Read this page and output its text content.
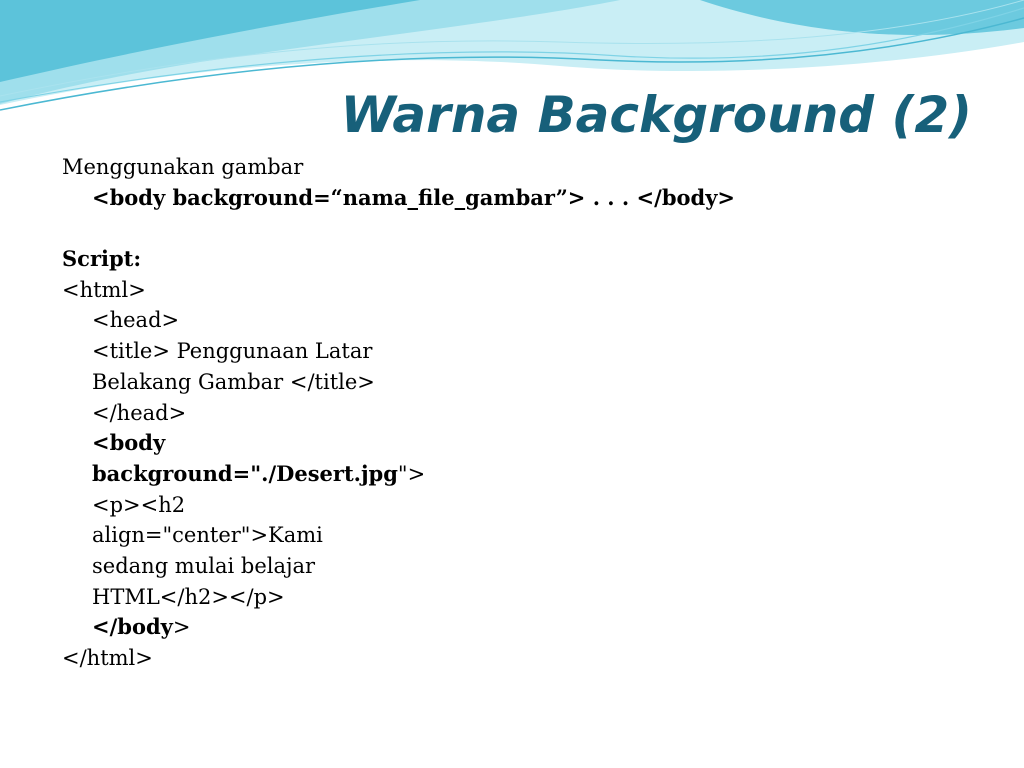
Warna Background (2)
Menggunakan gambar
<body background=“nama_file_gambar”> . . . </body>
Script:
<html>
<head>
<title> Penggunaan Latar
Belakang Gambar </title>
</head>
<body
background="./Desert.jpg">
<p><h2
align="center">Kami
sedang mulai belajar
HTML</h2></p>
</body>
</html>
